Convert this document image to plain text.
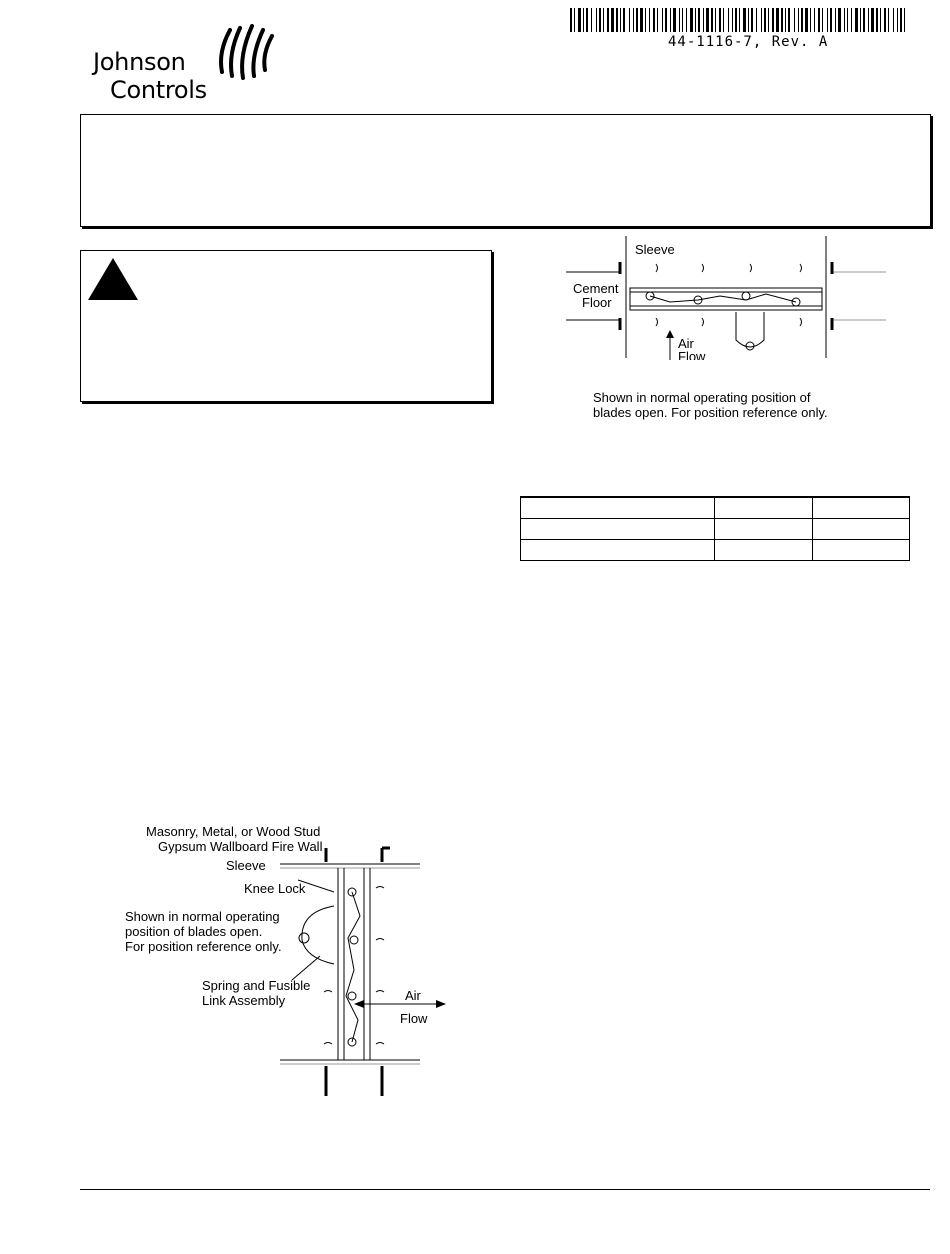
Johnson
Controls
44-1116-7, Rev. A
Sleeve
Cement
Floor
Air
Flow
Shown in normal operating position of
blades open. For position reference only.

Masonry, Metal, or Wood Stud
Gypsum Wallboard Fire Wall
Sleeve
Knee Lock
Shown in normal operating
position of blades open.
For position reference only.
Spring and Fusible
Link Assembly	Air
Flow
